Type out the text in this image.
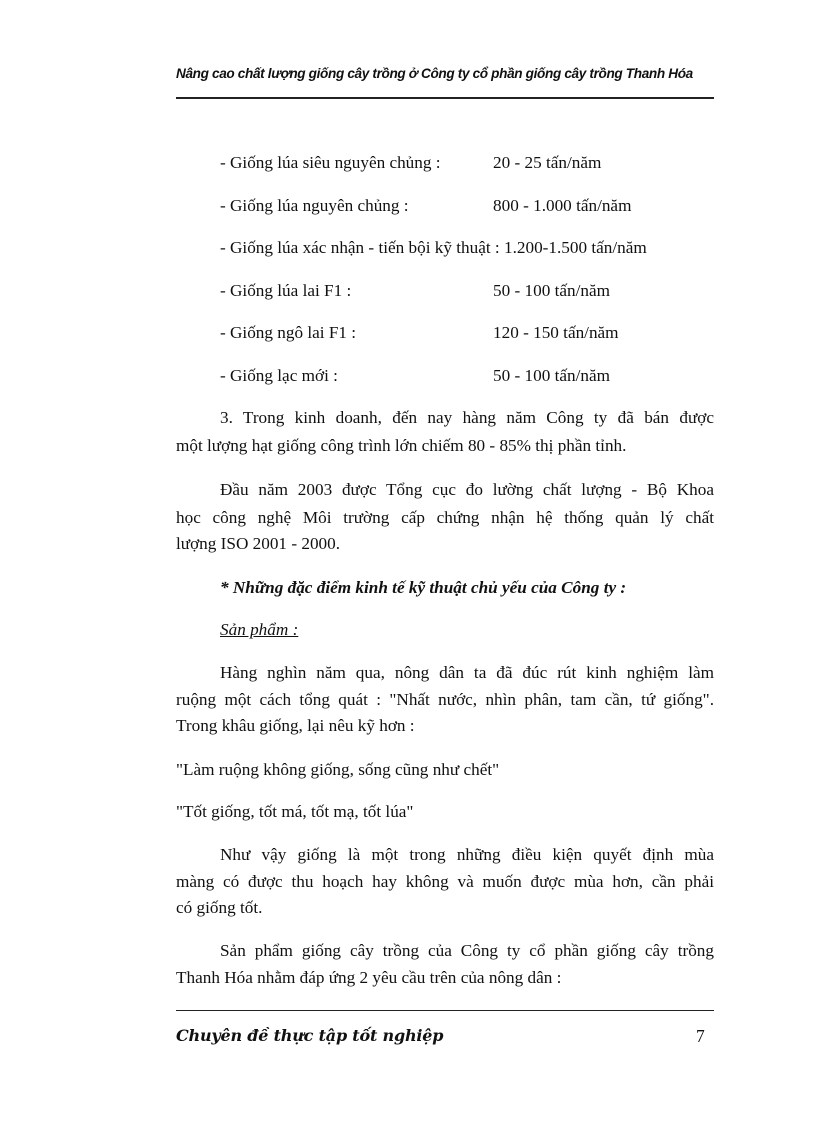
Nâng cao chất lượng giống cây trồng ở Công ty cổ phần giống cây trồng Thanh Hóa
- Giống lúa siêu nguyên chủng :	20 - 25 tấn/năm
- Giống lúa nguyên chủng :	800 - 1.000 tấn/năm
- Giống lúa xác nhận - tiến bội kỹ thuật : 1.200-1.500 tấn/năm
- Giống lúa lai F1 :	50 - 100 tấn/năm
- Giống ngô lai F1 :	120 - 150 tấn/năm
- Giống lạc mới :	50 - 100 tấn/năm
3. Trong kinh doanh, đến nay hàng năm Công ty đã bán được
một lượng hạt giống công trình lớn chiếm 80 - 85% thị phần tỉnh.
Đầu năm 2003 được Tổng cục đo lường chất lượng - Bộ Khoa
học công nghệ Môi trường cấp chứng nhận hệ thống quản lý chất
lượng ISO 2001 - 2000.
* Những đặc điểm kinh tế kỹ thuật chủ yếu của Công ty :
Sản phẩm :
Hàng nghìn năm qua, nông dân ta đã đúc rút kinh nghiệm làm
ruộng một cách tổng quát : "Nhất nước, nhìn phân, tam cần, tứ giống".
Trong khâu giống, lại nêu kỹ hơn :
"Làm ruộng không giống, sống cũng như chết"
"Tốt giống, tốt má, tốt mạ, tốt lúa"
Như vậy giống là một trong những điều kiện quyết định mùa
màng có được thu hoạch hay không và muốn được mùa hơn, cần phải
có giống tốt.
Sản phẩm giống cây trồng của Công ty cổ phần giống cây trồng
Thanh Hóa nhằm đáp ứng 2 yêu cầu trên của nông dân :
Chuyên đề thực tập tốt nghiệp	7
